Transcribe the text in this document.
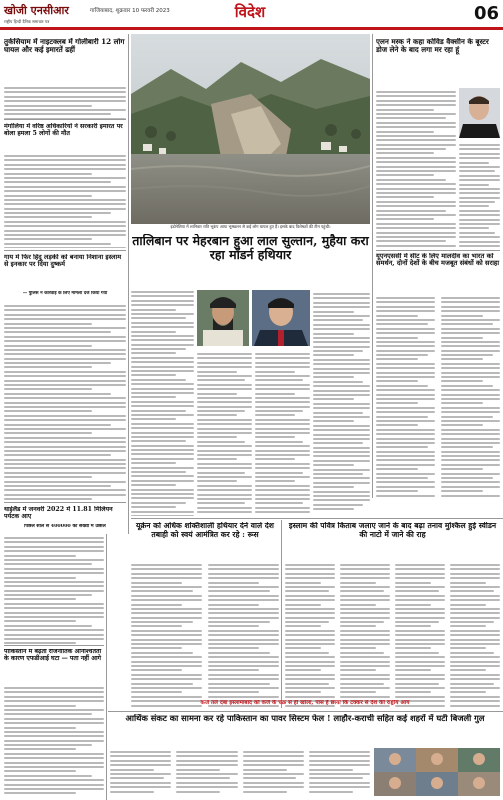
खोजी एनसीआर
राष्ट्रीय हिन्दी दैनिक समाचार पत्र
गाजियाबाद, शुक्रवार 10 फरवरी 2023	विदेश	06
तुर्कसियाम में नाइटक्लब में गोलीबारी 12 लोग घायल और कई इमारतें ढहीं
मंगोलिया में वरिष्ठ अधिकारियों ने सरकारी इमारत पर बोला हमला 5 लोगों की मौत
गाय में फिर हिंदू लड़की को बनाया निशाना इस्लाम से इनकार पर दिया दुष्कर्म
— पुलिस ने कार्रवाई के लिए मामला दर्ज किया गया
थाईलैंड में जनवरी 2022 में 11.81 मिलियन पर्यटक आए
पिछले साल से 400000 की संख्या में उछाल
पाकिस्तान में बढ़ती राजनीतिक अनिश्चितता के कारण एफडीआई घटा — पता नहीं आगे
इंडोनेशिया में शानिवार रात्रि भूकंप आया भूस्खलन से कई लोग घायल हुए हैं। इसके बाद विशेषज्ञों की टीम पहुंची।
तालिबान पर मेहरबान हुआ लाल सुल्तान, मुहैया करा रहा मॉडर्न हथियार
एलन मस्क ने कहा कोविड वैक्सीन के बूस्टर डोज लेने के बाद लगा मर रहा हूं
यूएनएससी में सीट के लिए मालदीव का भारत को समर्थन, दोनों देशों के बीच मजबूत संबंधों को सराहा
यूक्रेन को अधिक शक्तिशाली हथियार देने वाले देश तबाही को स्वयं आमंत्रित कर रहे : रूस
इस्लाम की पवित्र किताब जलाए जाने के बाद बढ़ा तनाव मुश्किल हुई स्वीडन की नाटो में जाने की राह
आर्थिक संकट का सामना कर रहे पाकिस्तान का पावर सिस्टम फेल ! लाहौर-कराची सहित कई शहरों में घटी बिजली गुल
कर्ज तले दबा इस्लामाबाद को कर्ज के चक्र से ही खोला, पास है छाया कि टक्कर से देश की राष्ट्रीय आय
